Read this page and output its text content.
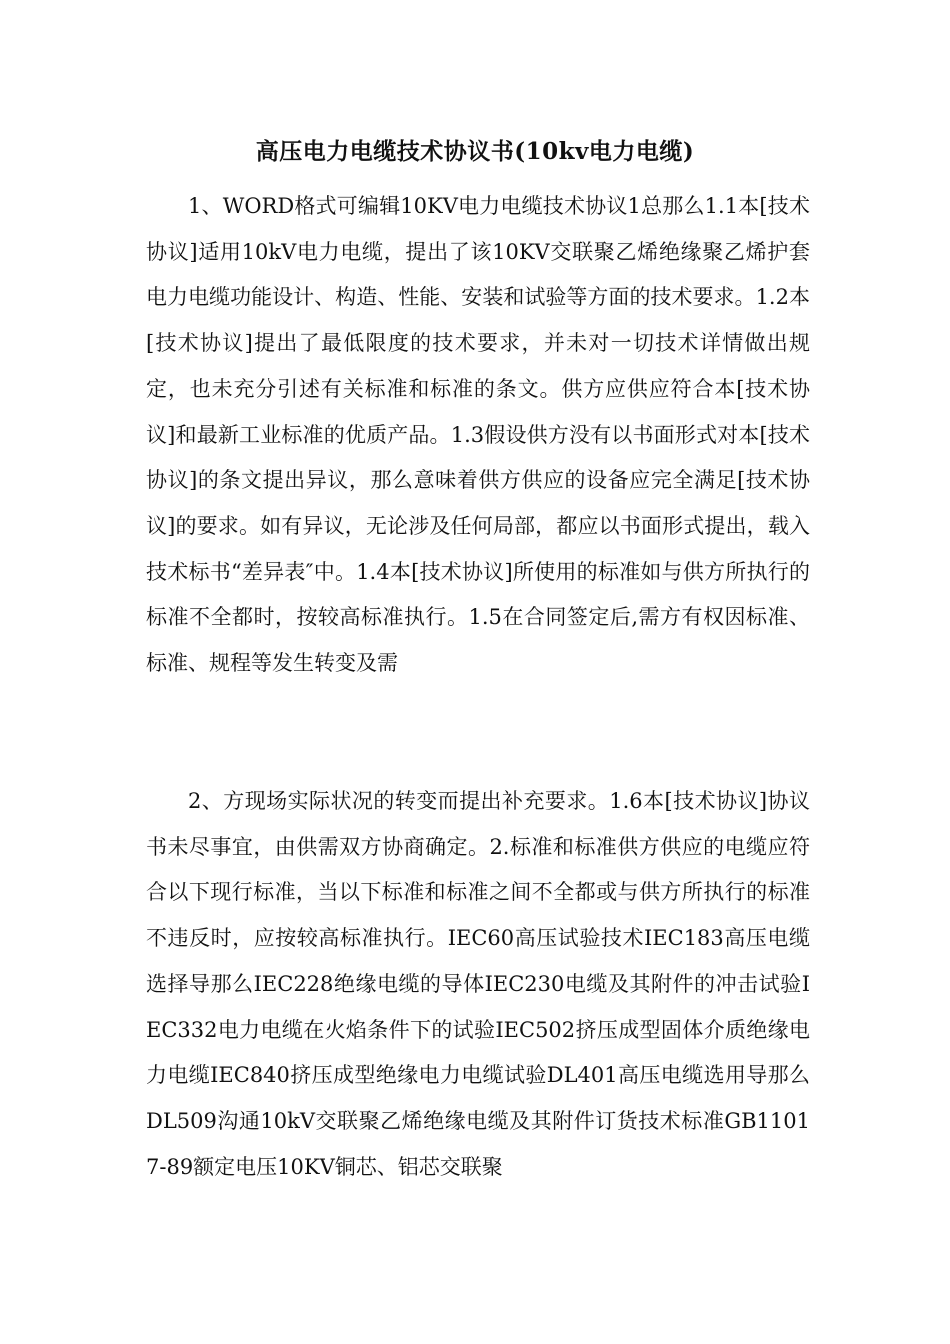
高压电力电缆技术协议书(10kv电力电缆)

1、WORD格式可编辑10KV电力电缆技术协议1总那么1.1本[技术协议]适用10kV电力电缆，提出了该10KV交联聚乙烯绝缘聚乙烯护套电力电缆功能设计、构造、性能、安装和试验等方面的技术要求。1.2本[技术协议]提出了最低限度的技术要求，并未对一切技术详情做出规定，也未充分引述有关标准和标准的条文。供方应供应符合本[技术协议]和最新工业标准的优质产品。1.3假设供方没有以书面形式对本[技术协议]的条文提出异议，那么意味着供方供应的设备应完全满足[技术协议]的要求。如有异议，无论涉及任何局部，都应以书面形式提出，载入技术标书“差异表″中。1.4本[技术协议]所使用的标准如与供方所执行的标准不全都时，按较高标准执行。1.5在合同签定后,需方有权因标准、标准、规程等发生转变及需

2、方现场实际状况的转变而提出补充要求。1.6本[技术协议]协议书未尽事宜，由供需双方协商确定。2.标准和标准供方供应的电缆应符合以下现行标准，当以下标准和标准之间不全都或与供方所执行的标准不违反时，应按较高标准执行。IEC60高压试验技术IEC183高压电缆选择导那么IEC228绝缘电缆的导体IEC230电缆及其附件的冲击试验IEC332电力电缆在火焰条件下的试验IEC502挤压成型固体介质绝缘电力电缆IEC840挤压成型绝缘电力电缆试验DL401高压电缆选用导那么DL509沟通10kV交联聚乙烯绝缘电缆及其附件订货技术标准GB11017-89额定电压10KV铜芯、铝芯交联聚
